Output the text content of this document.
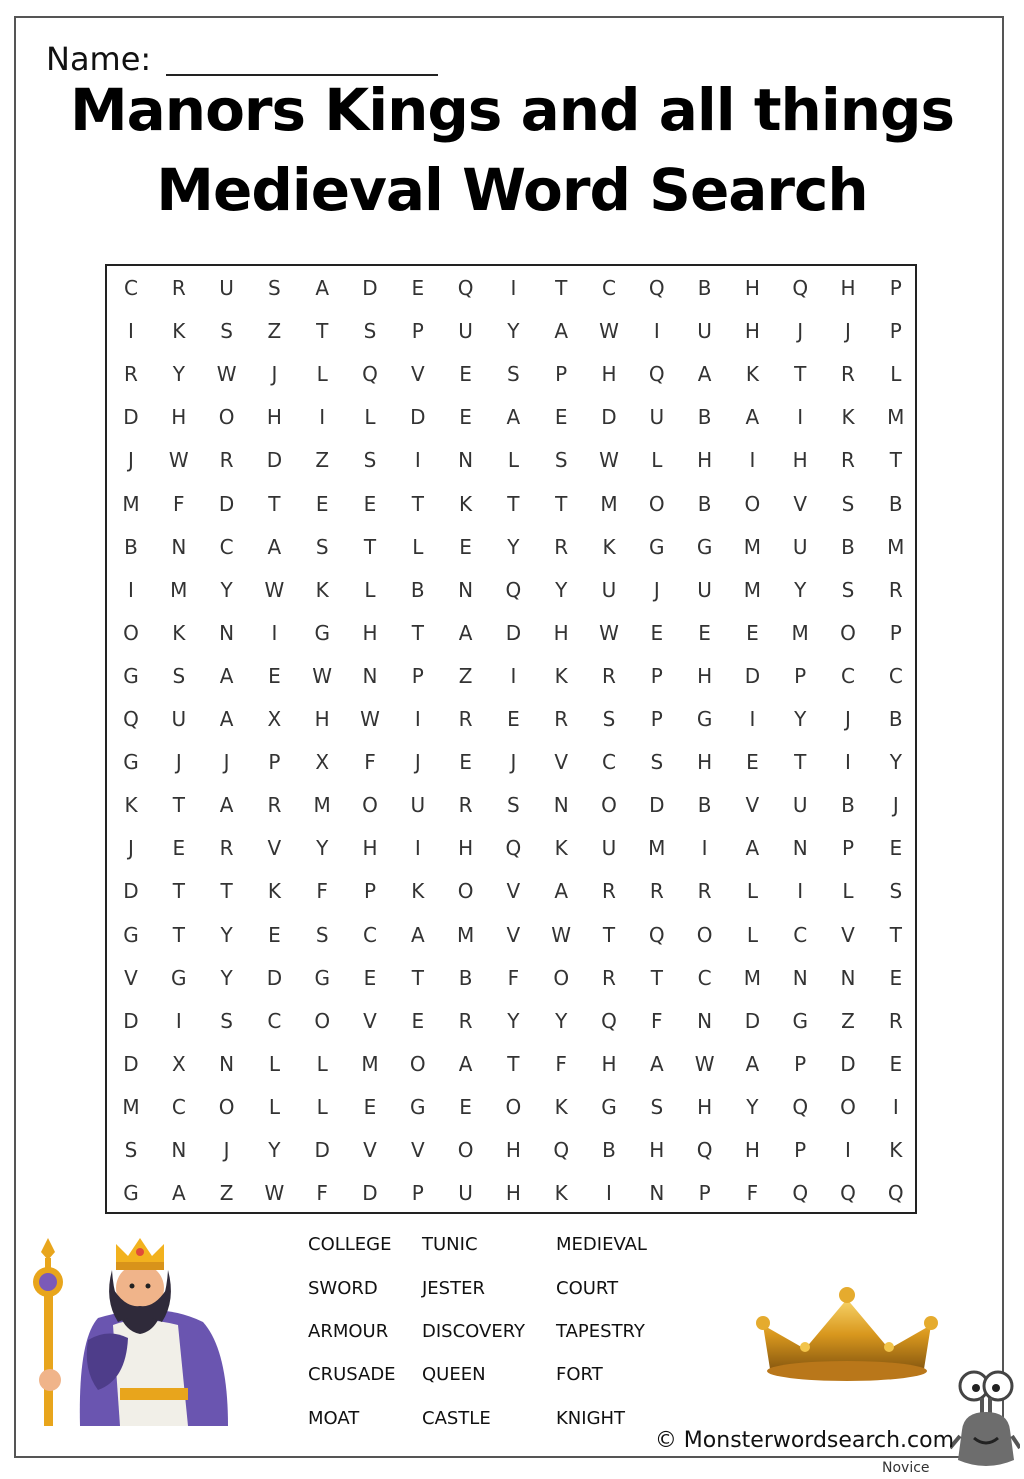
Name:
Manors Kings and all things
Medieval Word Search
C	R	U	S	A	D	E	Q	I	T	C	Q	B	H	Q	H	P
I	K	S	Z	T	S	P	U	Y	A	W	I	U	H	J	J	P
R	Y	W	J	L	Q	V	E	S	P	H	Q	A	K	T	R	L
D	H	O	H	I	L	D	E	A	E	D	U	B	A	I	K	M
J	W	R	D	Z	S	I	N	L	S	W	L	H	I	H	R	T
M	F	D	T	E	E	T	K	T	T	M	O	B	O	V	S	B
B	N	C	A	S	T	L	E	Y	R	K	G	G	M	U	B	M
I	M	Y	W	K	L	B	N	Q	Y	U	J	U	M	Y	S	R
O	K	N	I	G	H	T	A	D	H	W	E	E	E	M	O	P
G	S	A	E	W	N	P	Z	I	K	R	P	H	D	P	C	C
Q	U	A	X	H	W	I	R	E	R	S	P	G	I	Y	J	B
G	J	J	P	X	F	J	E	J	V	C	S	H	E	T	I	Y
K	T	A	R	M	O	U	R	S	N	O	D	B	V	U	B	J
J	E	R	V	Y	H	I	H	Q	K	U	M	I	A	N	P	E
D	T	T	K	F	P	K	O	V	A	R	R	R	L	I	L	S
G	T	Y	E	S	C	A	M	V	W	T	Q	O	L	C	V	T
V	G	Y	D	G	E	T	B	F	O	R	T	C	M	N	N	E
D	I	S	C	O	V	E	R	Y	Y	Q	F	N	D	G	Z	R
D	X	N	L	L	M	O	A	T	F	H	A	W	A	P	D	E
M	C	O	L	L	E	G	E	O	K	G	S	H	Y	Q	O	I
S	N	J	Y	D	V	V	O	H	Q	B	H	Q	H	P	I	K
G	A	Z	W	F	D	P	U	H	K	I	N	P	F	Q	Q	Q
COLLEGE
SWORD
ARMOUR
CRUSADE
MOAT
TUNIC
JESTER
DISCOVERY
QUEEN
CASTLE
MEDIEVAL
COURT
TAPESTRY
FORT
KNIGHT
© Monsterwordsearch.com
Novice
